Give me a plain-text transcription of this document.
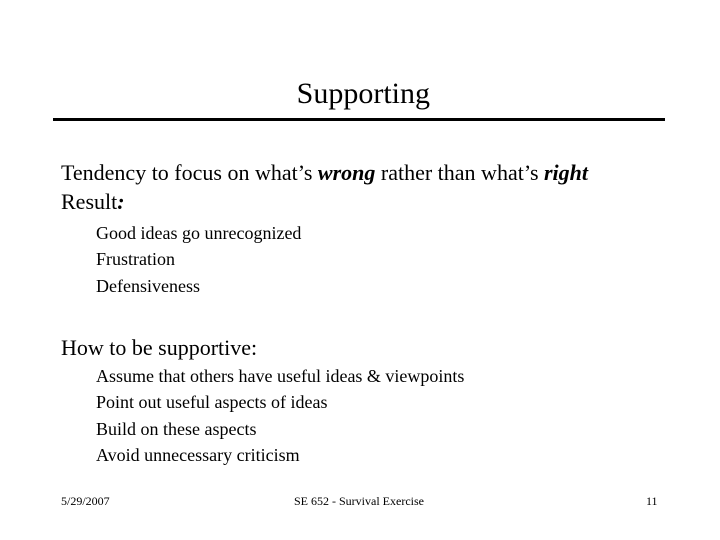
Supporting
Tendency to focus on what’s wrong rather than what’s right
Result:
Good ideas go unrecognized
Frustration
Defensiveness
How to be supportive:
Assume that others have useful ideas & viewpoints
Point out useful aspects of ideas
Build on these aspects
Avoid unnecessary criticism
5/29/2007	SE 652 - Survival Exercise	11
